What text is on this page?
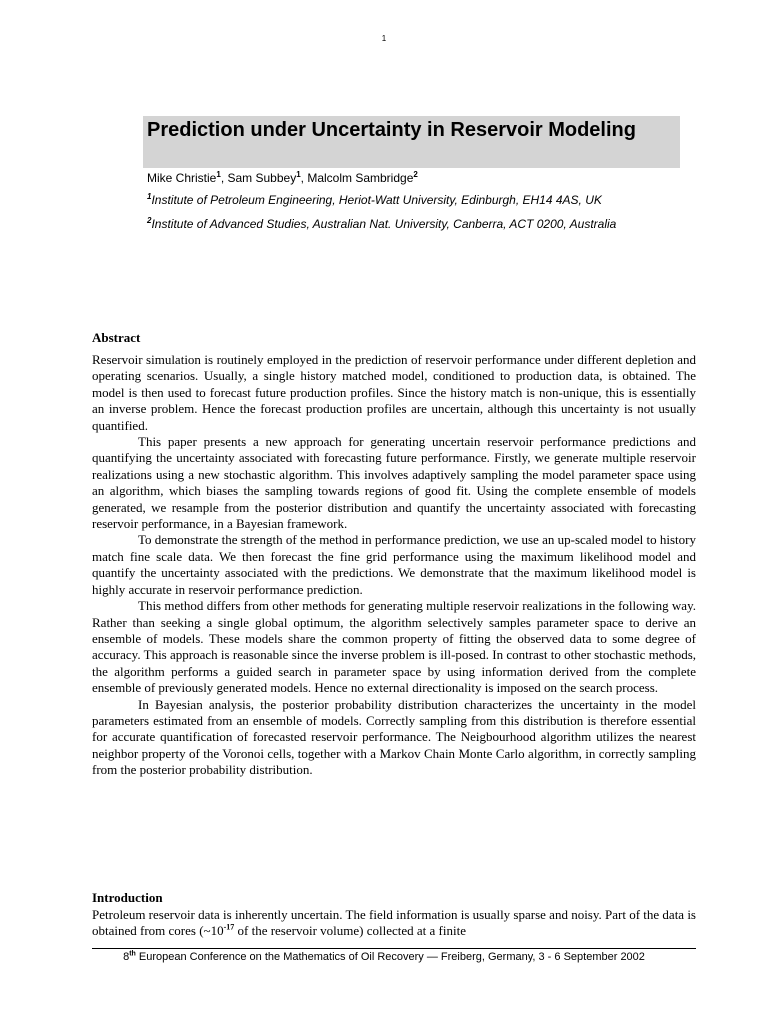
1
Prediction under Uncertainty in Reservoir Modeling
Mike Christie$^1$, Sam Subbey$^1$, Malcolm Sambridge$^2$
$^1$Institute of Petroleum Engineering, Heriot-Watt University, Edinburgh, EH14 4AS, UK
$^2$Institute of Advanced Studies, Australian Nat. University, Canberra, ACT 0200, Australia
Abstract

Reservoir simulation is routinely employed in the prediction of reservoir performance under different depletion and operating scenarios. Usually, a single history matched model, conditioned to production data, is obtained. The model is then used to forecast future production profiles. Since the history match is non-unique, this is essentially an inverse problem. Hence the forecast production profiles are uncertain, although this uncertainty is not usually quantified.

This paper presents a new approach for generating uncertain reservoir performance predictions and quantifying the uncertainty associated with forecasting future performance. Firstly, we generate multiple reservoir realizations using a new stochastic algorithm. This involves adaptively sampling the model parameter space using an algorithm, which biases the sampling towards regions of good fit. Using the complete ensemble of models generated, we resample from the posterior distribution and quantify the uncertainty associated with forecasting reservoir performance, in a Bayesian framework.

To demonstrate the strength of the method in performance prediction, we use an up-scaled model to history match fine scale data. We then forecast the fine grid performance using the maximum likelihood model and quantify the uncertainty associated with the predictions. We demonstrate that the maximum likelihood model is highly accurate in reservoir performance prediction.

This method differs from other methods for generating multiple reservoir realizations in the following way. Rather than seeking a single global optimum, the algorithm selectively samples parameter space to derive an ensemble of models. These models share the common property of fitting the observed data to some degree of accuracy. This approach is reasonable since the inverse problem is ill-posed. In contrast to other stochastic methods, the algorithm performs a guided search in parameter space by using information derived from the complete ensemble of previously generated models. Hence no external directionality is imposed on the search process.

In Bayesian analysis, the posterior probability distribution characterizes the uncertainty in the model parameters estimated from an ensemble of models. Correctly sampling from this distribution is therefore essential for accurate quantification of forecasted reservoir performance. The Neigbourhood algorithm utilizes the nearest neighbor property of the Voronoi cells, together with a Markov Chain Monte Carlo algorithm, in correctly sampling from the posterior probability distribution.

Introduction

Petroleum reservoir data is inherently uncertain. The field information is usually sparse and noisy. Part of the data is obtained from cores ($\sim 10^{-17}$ of the reservoir volume) collected at a finite

8th European Conference on the Mathematics of Oil Recovery — Freiberg, Germany, 3 - 6 September 2002
